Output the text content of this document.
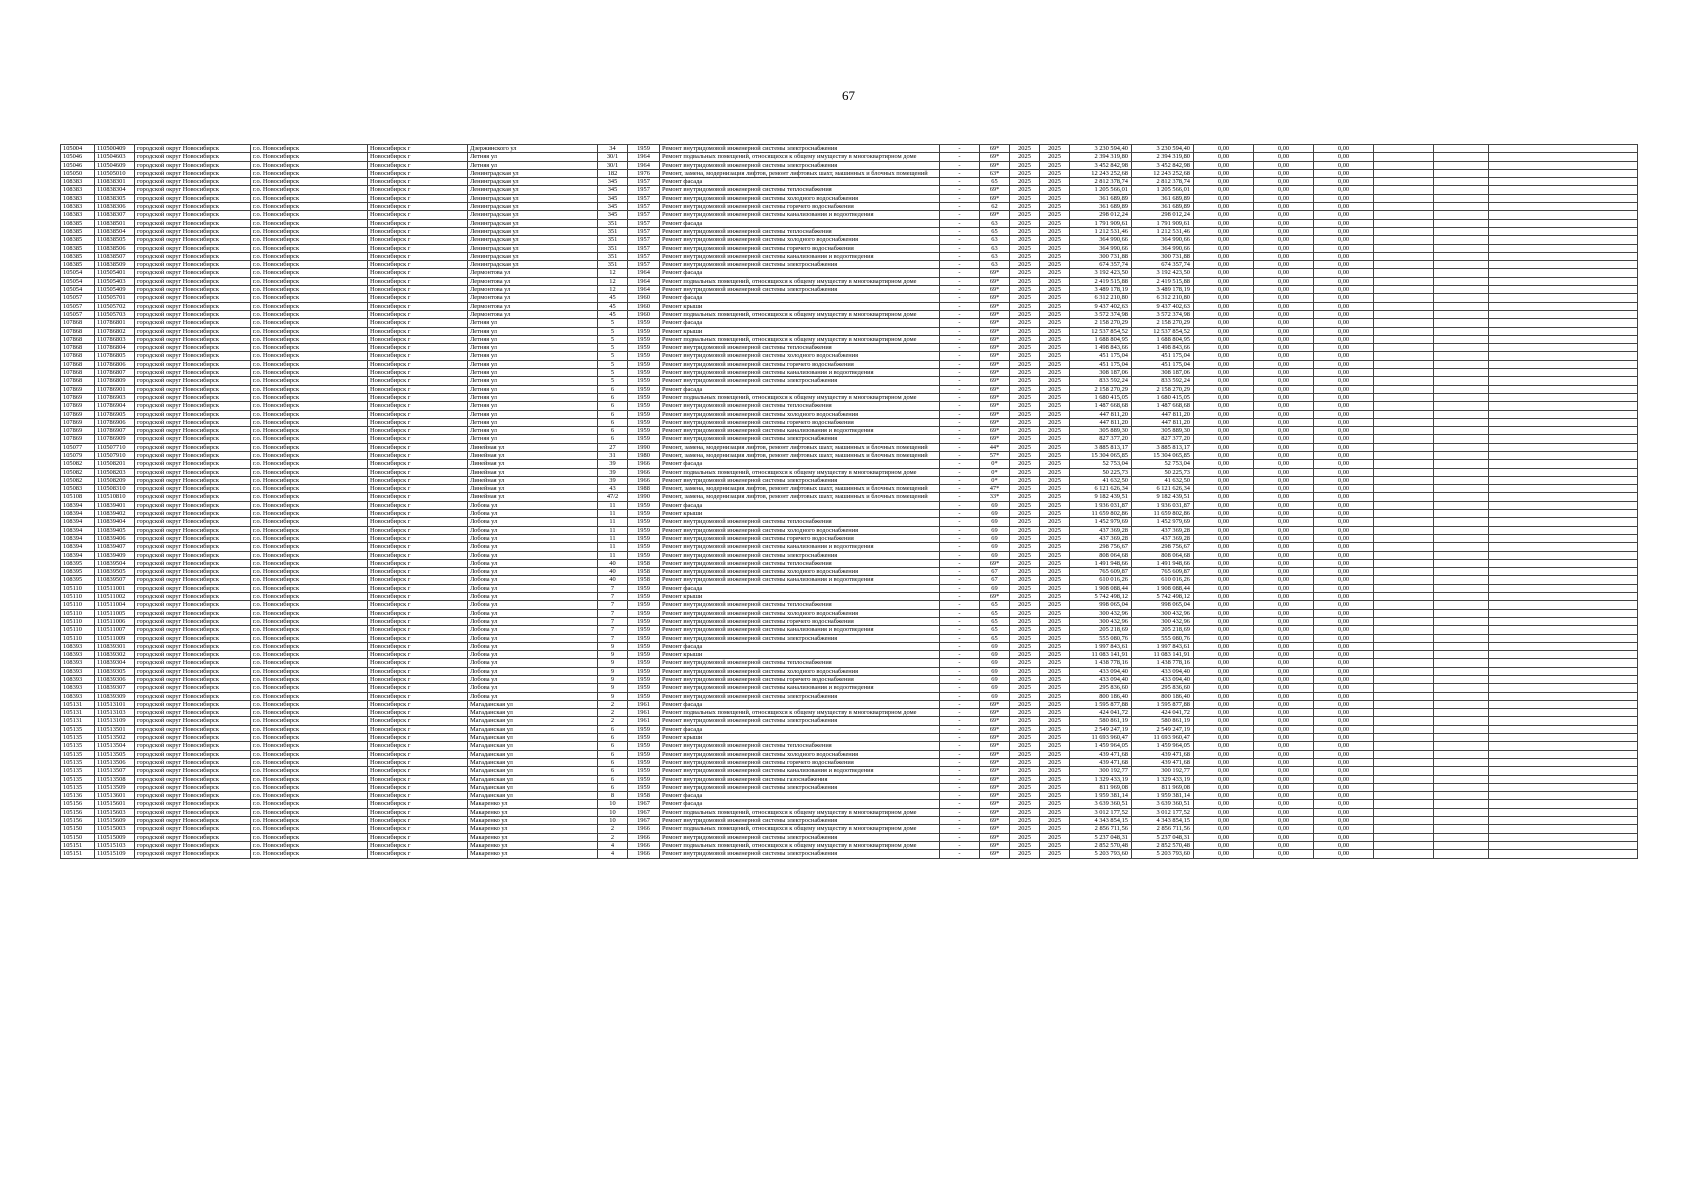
67
105004	110500409	городской округ Новосибирск	г.о. Новосибирск	Новосибирск г	Дзержинского ул	34	1959	Ремонт внутридомовой инженерной системы электроснабжения	-	69*	2025	2025	3 230 594,40	3 230 594,40	0,00	0,00	0,00			
105046	110504603	городской округ Новосибирск	г.о. Новосибирск	Новосибирск г	Летняя ул	30/1	1964	Ремонт подвальных помещений, относящихся к общему имуществу в многоквартирном доме	-	69*	2025	2025	2 394 319,80	2 394 319,80	0,00	0,00	0,00			
105046	110504609	городской округ Новосибирск	г.о. Новосибирск	Новосибирск г	Летняя ул	30/1	1964	Ремонт внутридомовой инженерной системы электроснабжения	-	69*	2025	2025	3 452 842,98	3 452 842,98	0,00	0,00	0,00			
105050	110505010	городской округ Новосибирск	г.о. Новосибирск	Новосибирск г	Ленинградская ул	182	1976	Ремонт, замена, модернизация лифтов, ремонт лифтовых шахт, машинных и блочных помещений	-	63*	2025	2025	12 243 252,68	12 243 252,68	0,00	0,00	0,00			
108383	110838301	городской округ Новосибирск	г.о. Новосибирск	Новосибирск г	Ленинградская ул	345	1957	Ремонт фасада	-	65	2025	2025	2 812 378,74	2 812 378,74	0,00	0,00	0,00			
108383	110838304	городской округ Новосибирск	г.о. Новосибирск	Новосибирск г	Ленинградская ул	345	1957	Ремонт внутридомовой инженерной системы теплоснабжения	-	69*	2025	2025	1 205 566,01	1 205 566,01	0,00	0,00	0,00			
108383	110838305	городской округ Новосибирск	г.о. Новосибирск	Новосибирск г	Ленинградская ул	345	1957	Ремонт внутридомовой инженерной системы холодного водоснабжения	-	69*	2025	2025	361 689,89	361 689,89	0,00	0,00	0,00			
108383	110838306	городской округ Новосибирск	г.о. Новосибирск	Новосибирск г	Ленинградская ул	345	1957	Ремонт внутридомовой инженерной системы горячего водоснабжения	-	62	2025	2025	361 689,89	361 689,89	0,00	0,00	0,00			
108383	110838307	городской округ Новосибирск	г.о. Новосибирск	Новосибирск г	Ленинградская ул	345	1957	Ремонт внутридомовой инженерной системы канализования и водоотведения	-	69*	2025	2025	298 012,24	298 012,24	0,00	0,00	0,00			
108385	110838501	городской округ Новосибирск	г.о. Новосибирск	Новосибирск г	Ленинградская ул	351	1957	Ремонт фасада	-	63	2025	2025	1 791 909,61	1 791 909,61	0,00	0,00	0,00			
108385	110838504	городской округ Новосибирск	г.о. Новосибирск	Новосибирск г	Ленинградская ул	351	1957	Ремонт внутридомовой инженерной системы теплоснабжения	-	65	2025	2025	1 212 531,46	1 212 531,46	0,00	0,00	0,00			
108385	110838505	городской округ Новосибирск	г.о. Новосибирск	Новосибирск г	Ленинградская ул	351	1957	Ремонт внутридомовой инженерной системы холодного водоснабжения	-	63	2025	2025	364 990,66	364 990,66	0,00	0,00	0,00			
108385	110838506	городской округ Новосибирск	г.о. Новосибирск	Новосибирск г	Ленинградская ул	351	1957	Ремонт внутридомовой инженерной системы горячего водоснабжения	-	63	2025	2025	364 990,66	364 990,66	0,00	0,00	0,00			
108385	110838507	городской округ Новосибирск	г.о. Новосибирск	Новосибирск г	Ленинградская ул	351	1957	Ремонт внутридомовой инженерной системы канализования и водоотведения	-	63	2025	2025	300 731,88	300 731,88	0,00	0,00	0,00			
108385	110838509	городской округ Новосибирск	г.о. Новосибирск	Новосибирск г	Ленинградская ул	351	1957	Ремонт внутридомовой инженерной системы электроснабжения	-	63	2025	2025	674 357,74	674 357,74	0,00	0,00	0,00			
105054	110505401	городской округ Новосибирск	г.о. Новосибирск	Новосибирск г	Лермонтова ул	12	1964	Ремонт фасада	-	69*	2025	2025	3 192 423,50	3 192 423,50	0,00	0,00	0,00			
105054	110505403	городской округ Новосибирск	г.о. Новосибирск	Новосибирск г	Лермонтова ул	12	1964	Ремонт подвальных помещений, относящихся к общему имуществу в многоквартирном доме	-	69*	2025	2025	2 419 515,88	2 419 515,88	0,00	0,00	0,00			
105054	110505409	городской округ Новосибирск	г.о. Новосибирск	Новосибирск г	Лермонтова ул	12	1964	Ремонт внутридомовой инженерной системы электроснабжения	-	69*	2025	2025	3 489 178,19	3 489 178,19	0,00	0,00	0,00			
105057	110505701	городской округ Новосибирск	г.о. Новосибирск	Новосибирск г	Лермонтова ул	45	1960	Ремонт фасада	-	69*	2025	2025	6 312 210,80	6 312 210,80	0,00	0,00	0,00			
105057	110505702	городской округ Новосибирск	г.о. Новосибирск	Новосибирск г	Лермонтова ул	45	1960	Ремонт крыши	-	69*	2025	2025	9 437 402,63	9 437 402,63	0,00	0,00	0,00			
105057	110505703	городской округ Новосибирск	г.о. Новосибирск	Новосибирск г	Лермонтова ул	45	1960	Ремонт подвальных помещений, относящихся к общему имуществу в многоквартирном доме	-	69*	2025	2025	3 572 374,98	3 572 374,98	0,00	0,00	0,00			
107868	110786801	городской округ Новосибирск	г.о. Новосибирск	Новосибирск г	Летняя ул	5	1959	Ремонт фасада	-	69*	2025	2025	2 158 270,29	2 158 270,29	0,00	0,00	0,00			
107868	110786802	городской округ Новосибирск	г.о. Новосибирск	Новосибирск г	Летняя ул	5	1959	Ремонт крыши	-	69*	2025	2025	12 537 854,52	12 537 854,52	0,00	0,00	0,00			
107868	110786803	городской округ Новосибирск	г.о. Новосибирск	Новосибирск г	Летняя ул	5	1959	Ремонт подвальных помещений, относящихся к общему имуществу в многоквартирном доме	-	69*	2025	2025	1 688 804,95	1 688 804,95	0,00	0,00	0,00			
107868	110786804	городской округ Новосибирск	г.о. Новосибирск	Новосибирск г	Летняя ул	5	1959	Ремонт внутридомовой инженерной системы теплоснабжения	-	69*	2025	2025	1 498 843,66	1 498 843,66	0,00	0,00	0,00			
107868	110786805	городской округ Новосибирск	г.о. Новосибирск	Новосибирск г	Летняя ул	5	1959	Ремонт внутридомовой инженерной системы холодного водоснабжения	-	69*	2025	2025	451 175,04	451 175,04	0,00	0,00	0,00			
107868	110786806	городской округ Новосибирск	г.о. Новосибирск	Новосибирск г	Летняя ул	5	1959	Ремонт внутридомовой инженерной системы горячего водоснабжения	-	69*	2025	2025	451 175,04	451 175,04	0,00	0,00	0,00			
107868	110786807	городской округ Новосибирск	г.о. Новосибирск	Новосибирск г	Летняя ул	5	1959	Ремонт внутридомовой инженерной системы канализования и водоотведения	-	69*	2025	2025	308 187,06	308 187,06	0,00	0,00	0,00			
107868	110786809	городской округ Новосибирск	г.о. Новосибирск	Новосибирск г	Летняя ул	5	1959	Ремонт внутридомовой инженерной системы электроснабжения	-	69*	2025	2025	833 592,24	833 592,24	0,00	0,00	0,00			
107869	110786901	городской округ Новосибирск	г.о. Новосибирск	Новосибирск г	Летняя ул	6	1959	Ремонт фасада	-	69*	2025	2025	2 158 270,29	2 158 270,29	0,00	0,00	0,00			
107869	110786903	городской округ Новосибирск	г.о. Новосибирск	Новосибирск г	Летняя ул	6	1959	Ремонт подвальных помещений, относящихся к общему имуществу в многоквартирном доме	-	69*	2025	2025	1 680 415,05	1 680 415,05	0,00	0,00	0,00			
107869	110786904	городской округ Новосибирск	г.о. Новосибирск	Новосибирск г	Летняя ул	6	1959	Ремонт внутридомовой инженерной системы теплоснабжения	-	69*	2025	2025	1 487 668,68	1 487 668,68	0,00	0,00	0,00			
107869	110786905	городской округ Новосибирск	г.о. Новосибирск	Новосибирск г	Летняя ул	6	1959	Ремонт внутридомовой инженерной системы холодного водоснабжения	-	69*	2025	2025	447 811,20	447 811,20	0,00	0,00	0,00			
107869	110786906	городской округ Новосибирск	г.о. Новосибирск	Новосибирск г	Летняя ул	6	1959	Ремонт внутридомовой инженерной системы горячего водоснабжения	-	69*	2025	2025	447 811,20	447 811,20	0,00	0,00	0,00			
107869	110786907	городской округ Новосибирск	г.о. Новосибирск	Новосибирск г	Летняя ул	6	1959	Ремонт внутридомовой инженерной системы канализования и водоотведения	-	69*	2025	2025	305 889,30	305 889,30	0,00	0,00	0,00			
107869	110786909	городской округ Новосибирск	г.о. Новосибирск	Новосибирск г	Летняя ул	6	1959	Ремонт внутридомовой инженерной системы электроснабжения	-	69*	2025	2025	827 377,20	827 377,20	0,00	0,00	0,00			
105077	110507710	городской округ Новосибирск	г.о. Новосибирск	Новосибирск г	Линейная ул	27	1990	Ремонт, замена, модернизация лифтов, ремонт лифтовых шахт, машинных и блочных помещений	-	44*	2025	2025	3 885 813,17	3 885 813,17	0,00	0,00	0,00			
105079	110507910	городской округ Новосибирск	г.о. Новосибирск	Новосибирск г	Линейная ул	31	1980	Ремонт, замена, модернизация лифтов, ремонт лифтовых шахт, машинных и блочных помещений	-	57*	2025	2025	15 304 065,85	15 304 065,85	0,00	0,00	0,00			
105082	110508201	городской округ Новосибирск	г.о. Новосибирск	Новосибирск г	Линейная ул	39	1966	Ремонт фасада	-	0*	2025	2025	52 753,04	52 753,04	0,00	0,00	0,00			
105082	110508203	городской округ Новосибирск	г.о. Новосибирск	Новосибирск г	Линейная ул	39	1966	Ремонт подвальных помещений, относящихся к общему имуществу в многоквартирном доме	-	0*	2025	2025	50 225,73	50 225,73	0,00	0,00	0,00			
105082	110508209	городской округ Новосибирск	г.о. Новосибирск	Новосибирск г	Линейная ул	39	1966	Ремонт внутридомовой инженерной системы электроснабжения	-	0*	2025	2025	41 632,50	41 632,50	0,00	0,00	0,00			
105083	110508310	городской округ Новосибирск	г.о. Новосибирск	Новосибирск г	Линейная ул	43	1988	Ремонт, замена, модернизация лифтов, ремонт лифтовых шахт, машинных и блочных помещений	-	47*	2025	2025	6 121 626,34	6 121 626,34	0,00	0,00	0,00			
105108	110510810	городской округ Новосибирск	г.о. Новосибирск	Новосибирск г	Линейная ул	47/2	1990	Ремонт, замена, модернизация лифтов, ремонт лифтовых шахт, машинных и блочных помещений	-	33*	2025	2025	9 182 439,51	9 182 439,51	0,00	0,00	0,00			
108394	110839401	городской округ Новосибирск	г.о. Новосибирск	Новосибирск г	Лобова ул	11	1959	Ремонт фасада	-	69	2025	2025	1 936 031,87	1 936 031,87	0,00	0,00	0,00			
108394	110839402	городской округ Новосибирск	г.о. Новосибирск	Новосибирск г	Лобова ул	11	1959	Ремонт крыши	-	69	2025	2025	11 659 802,86	11 659 802,86	0,00	0,00	0,00			
108394	110839404	городской округ Новосибирск	г.о. Новосибирск	Новосибирск г	Лобова ул	11	1959	Ремонт внутридомовой инженерной системы теплоснабжения	-	69	2025	2025	1 452 979,69	1 452 979,69	0,00	0,00	0,00			
108394	110839405	городской округ Новосибирск	г.о. Новосибирск	Новосибирск г	Лобова ул	11	1959	Ремонт внутридомовой инженерной системы холодного водоснабжения	-	69	2025	2025	437 369,28	437 369,28	0,00	0,00	0,00			
108394	110839406	городской округ Новосибирск	г.о. Новосибирск	Новосибирск г	Лобова ул	11	1959	Ремонт внутридомовой инженерной системы горячего водоснабжения	-	69	2025	2025	437 369,28	437 369,28	0,00	0,00	0,00			
108394	110839407	городской округ Новосибирск	г.о. Новосибирск	Новосибирск г	Лобова ул	11	1959	Ремонт внутридомовой инженерной системы канализования и водоотведения	-	69	2025	2025	298 756,67	298 756,67	0,00	0,00	0,00			
108394	110839409	городской округ Новосибирск	г.о. Новосибирск	Новосибирск г	Лобова ул	11	1959	Ремонт внутридомовой инженерной системы электроснабжения	-	69	2025	2025	808 064,68	808 064,68	0,00	0,00	0,00			
108395	110839504	городской округ Новосибирск	г.о. Новосибирск	Новосибирск г	Лобова ул	40	1958	Ремонт внутридомовой инженерной системы теплоснабжения	-	69*	2025	2025	1 491 948,66	1 491 948,66	0,00	0,00	0,00			
108395	110839505	городской округ Новосибирск	г.о. Новосибирск	Новосибирск г	Лобова ул	40	1958	Ремонт внутридомовой инженерной системы холодного водоснабжения	-	67	2025	2025	765 609,87	765 609,87	0,00	0,00	0,00			
108395	110839507	городской округ Новосибирск	г.о. Новосибирск	Новосибирск г	Лобова ул	40	1958	Ремонт внутридомовой инженерной системы канализования и водоотведения	-	67	2025	2025	610 016,26	610 016,26	0,00	0,00	0,00			
105110	110511001	городской округ Новосибирск	г.о. Новосибирск	Новосибирск г	Лобова ул	7	1959	Ремонт фасада	-	69	2025	2025	1 908 088,44	1 908 088,44	0,00	0,00	0,00			
105110	110511002	городской округ Новосибирск	г.о. Новосибирск	Новосибирск г	Лобова ул	7	1959	Ремонт крыши	-	69*	2025	2025	5 742 498,12	5 742 498,12	0,00	0,00	0,00			
105110	110511004	городской округ Новосибирск	г.о. Новосибирск	Новосибирск г	Лобова ул	7	1959	Ремонт внутридомовой инженерной системы теплоснабжения	-	65	2025	2025	998 065,04	998 065,04	0,00	0,00	0,00			
105110	110511005	городской округ Новосибирск	г.о. Новосибирск	Новосибирск г	Лобова ул	7	1959	Ремонт внутридомовой инженерной системы холодного водоснабжения	-	65	2025	2025	300 432,96	300 432,96	0,00	0,00	0,00			
105110	110511006	городской округ Новосибирск	г.о. Новосибирск	Новосибирск г	Лобова ул	7	1959	Ремонт внутридомовой инженерной системы горячего водоснабжения	-	65	2025	2025	300 432,96	300 432,96	0,00	0,00	0,00			
105110	110511007	городской округ Новосибирск	г.о. Новосибирск	Новосибирск г	Лобова ул	7	1959	Ремонт внутридомовой инженерной системы канализования и водоотведения	-	65	2025	2025	205 218,69	205 218,69	0,00	0,00	0,00			
105110	110511009	городской округ Новосибирск	г.о. Новосибирск	Новосибирск г	Лобова ул	7	1959	Ремонт внутридомовой инженерной системы электроснабжения	-	65	2025	2025	555 080,76	555 080,76	0,00	0,00	0,00			
108393	110839301	городской округ Новосибирск	г.о. Новосибирск	Новосибирск г	Лобова ул	9	1959	Ремонт фасада	-	69	2025	2025	1 997 843,61	1 997 843,61	0,00	0,00	0,00			
108393	110839302	городской округ Новосибирск	г.о. Новосибирск	Новосибирск г	Лобова ул	9	1959	Ремонт крыши	-	69	2025	2025	11 083 141,91	11 083 141,91	0,00	0,00	0,00			
108393	110839304	городской округ Новосибирск	г.о. Новосибирск	Новосибирск г	Лобова ул	9	1959	Ремонт внутридомовой инженерной системы теплоснабжения	-	69	2025	2025	1 438 778,16	1 438 778,16	0,00	0,00	0,00			
108393	110839305	городской округ Новосибирск	г.о. Новосибирск	Новосибирск г	Лобова ул	9	1959	Ремонт внутридомовой инженерной системы холодного водоснабжения	-	69	2025	2025	433 094,40	433 094,40	0,00	0,00	0,00			
108393	110839306	городской округ Новосибирск	г.о. Новосибирск	Новосибирск г	Лобова ул	9	1959	Ремонт внутридомовой инженерной системы горячего водоснабжения	-	69	2025	2025	433 094,40	433 094,40	0,00	0,00	0,00			
108393	110839307	городской округ Новосибирск	г.о. Новосибирск	Новосибирск г	Лобова ул	9	1959	Ремонт внутридомовой инженерной системы канализования и водоотведения	-	69	2025	2025	295 836,60	295 836,60	0,00	0,00	0,00			
108393	110839309	городской округ Новосибирск	г.о. Новосибирск	Новосибирск г	Лобова ул	9	1959	Ремонт внутридомовой инженерной системы электроснабжения	-	69	2025	2025	800 186,40	800 186,40	0,00	0,00	0,00			
105131	110513101	городской округ Новосибирск	г.о. Новосибирск	Новосибирск г	Магаданская ул	2	1961	Ремонт фасада	-	69*	2025	2025	1 595 877,88	1 595 877,88	0,00	0,00	0,00			
105131	110513103	городской округ Новосибирск	г.о. Новосибирск	Новосибирск г	Магаданская ул	2	1961	Ремонт подвальных помещений, относящихся к общему имуществу в многоквартирном доме	-	69*	2025	2025	424 041,72	424 041,72	0,00	0,00	0,00			
105131	110513109	городской округ Новосибирск	г.о. Новосибирск	Новосибирск г	Магаданская ул	2	1961	Ремонт внутридомовой инженерной системы электроснабжения	-	69*	2025	2025	580 861,19	580 861,19	0,00	0,00	0,00			
105135	110513501	городской округ Новосибирск	г.о. Новосибирск	Новосибирск г	Магаданская ул	6	1959	Ремонт фасада	-	69*	2025	2025	2 549 247,19	2 549 247,19	0,00	0,00	0,00			
105135	110513502	городской округ Новосибирск	г.о. Новосибирск	Новосибирск г	Магаданская ул	6	1959	Ремонт крыши	-	69*	2025	2025	11 693 960,47	11 693 960,47	0,00	0,00	0,00			
105135	110513504	городской округ Новосибирск	г.о. Новосибирск	Новосибирск г	Магаданская ул	6	1959	Ремонт внутридомовой инженерной системы теплоснабжения	-	69*	2025	2025	1 459 964,05	1 459 964,05	0,00	0,00	0,00			
105135	110513505	городской округ Новосибирск	г.о. Новосибирск	Новосибирск г	Магаданская ул	6	1959	Ремонт внутридомовой инженерной системы холодного водоснабжения	-	69*	2025	2025	439 471,68	439 471,68	0,00	0,00	0,00			
105135	110513506	городской округ Новосибирск	г.о. Новосибирск	Новосибирск г	Магаданская ул	6	1959	Ремонт внутридомовой инженерной системы горячего водоснабжения	-	69*	2025	2025	439 471,68	439 471,68	0,00	0,00	0,00			
105135	110513507	городской округ Новосибирск	г.о. Новосибирск	Новосибирск г	Магаданская ул	6	1959	Ремонт внутридомовой инженерной системы канализования и водоотведения	-	69*	2025	2025	300 192,77	300 192,77	0,00	0,00	0,00			
105135	110513508	городской округ Новосибирск	г.о. Новосибирск	Новосибирск г	Магаданская ул	6	1959	Ремонт внутридомовой инженерной системы газоснабжения	-	69*	2025	2025	1 329 433,19	1 329 433,19	0,00	0,00	0,00			
105135	110513509	городской округ Новосибирск	г.о. Новосибирск	Новосибирск г	Магаданская ул	6	1959	Ремонт внутридомовой инженерной системы электроснабжения	-	69*	2025	2025	811 969,08	811 969,08	0,00	0,00	0,00			
105136	110513601	городской округ Новосибирск	г.о. Новосибирск	Новосибирск г	Магаданская ул	8	1958	Ремонт фасада	-	69*	2025	2025	1 959 381,14	1 959 381,14	0,00	0,00	0,00			
105156	110515601	городской округ Новосибирск	г.о. Новосибирск	Новосибирск г	Макаренко ул	10	1967	Ремонт фасада	-	69*	2025	2025	3 639 360,51	3 639 360,51	0,00	0,00	0,00			
105156	110515603	городской округ Новосибирск	г.о. Новосибирск	Новосибирск г	Макаренко ул	10	1967	Ремонт подвальных помещений, относящихся к общему имуществу в многоквартирном доме	-	69*	2025	2025	3 012 177,52	3 012 177,52	0,00	0,00	0,00			
105156	110515609	городской округ Новосибирск	г.о. Новосибирск	Новосибирск г	Макаренко ул	10	1967	Ремонт внутридомовой инженерной системы электроснабжения	-	69*	2025	2025	4 343 854,15	4 343 854,15	0,00	0,00	0,00			
105150	110515003	городской округ Новосибирск	г.о. Новосибирск	Новосибирск г	Макаренко ул	2	1966	Ремонт подвальных помещений, относящихся к общему имуществу в многоквартирном доме	-	69*	2025	2025	2 856 711,56	2 856 711,56	0,00	0,00	0,00			
105150	110515009	городской округ Новосибирск	г.о. Новосибирск	Новосибирск г	Макаренко ул	2	1966	Ремонт внутридомовой инженерной системы электроснабжения	-	69*	2025	2025	5 237 048,31	5 237 048,31	0,00	0,00	0,00			
105151	110515103	городской округ Новосибирск	г.о. Новосибирск	Новосибирск г	Макаренко ул	4	1966	Ремонт подвальных помещений, относящихся к общему имуществу в многоквартирном доме	-	69*	2025	2025	2 852 570,48	2 852 570,48	0,00	0,00	0,00			
105151	110515109	городской округ Новосибирск	г.о. Новосибирск	Новосибирск г	Макаренко ул	4	1966	Ремонт внутридомовой инженерной системы электроснабжения	-	69*	2025	2025	5 203 793,60	5 203 793,60	0,00	0,00	0,00			
